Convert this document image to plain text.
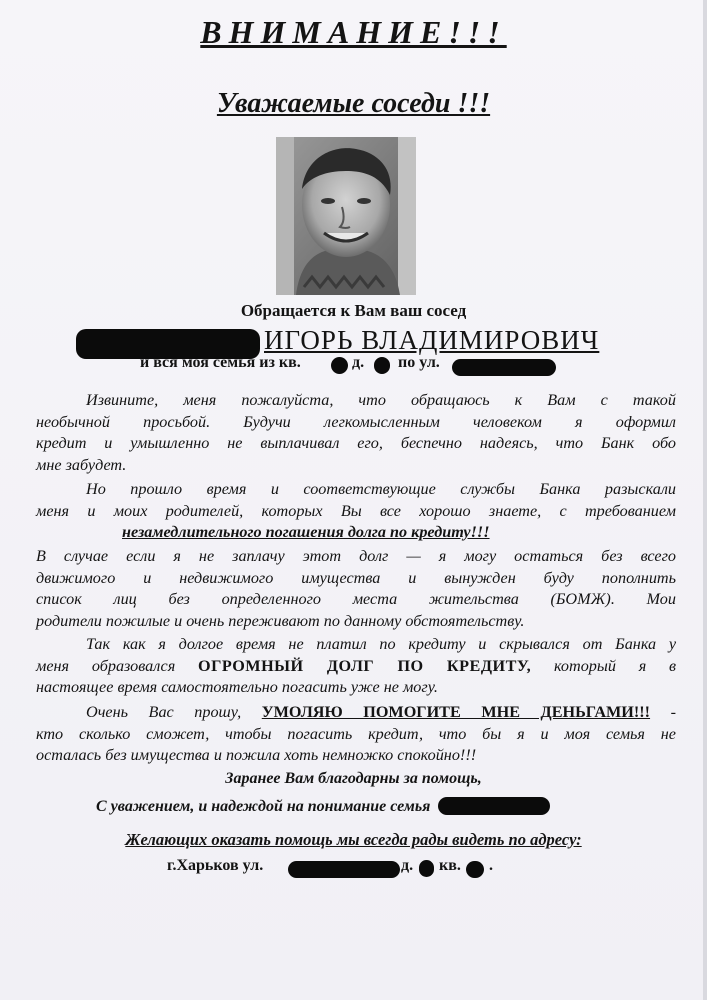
ВНИМАНИЕ!!!
Уважаемые соседи !!!
Обращается к Вам ваш сосед
ИГОРЬ ВЛАДИМИРОВИЧ
и вся моя семья из кв.	д. по ул.
Извините, меня пожалуйста, что обращаюсь к Вам с такой
необычной просьбой. Будучи легкомысленным человеком я оформил
кредит и умышленно не выплачивал его, беспечно надеясь, что Банк обо
мне забудет.
Но прошло время и соответствующие службы Банка разыскали
меня и моих родителей, которых Вы все хорошо знаете, с требованием
незамедлительного погашения долга по кредиту!!!
В случае если я не заплачу этот долг — я могу остаться без всего
движимого и недвижимого имущества и вынужден буду пополнить
список лиц без определенного места жительства (БОМЖ). Мои
родители пожилые и очень переживают по данному обстоятельству.
Так как я долгое время не платил по кредиту и скрывался от Банка у
меня образовался ОГРОМНЫЙ ДОЛГ ПО КРЕДИТУ, который я в
настоящее время самостоятельно погасить уже не могу.
Очень Вас прошу, УМОЛЯЮ ПОМОГИТЕ МНЕ ДЕНЬГАМИ!!! -
кто сколько сможет, чтобы погасить кредит, что бы я и моя семья не
осталась без имущества и пожила хоть немножко спокойно!!!
Заранее Вам благодарны за помощь,
С уважением, и надеждой на понимание семья
Желающих оказать помощь мы всегда рады видеть по адресу:
г.Харьков ул.	д. кв. .
